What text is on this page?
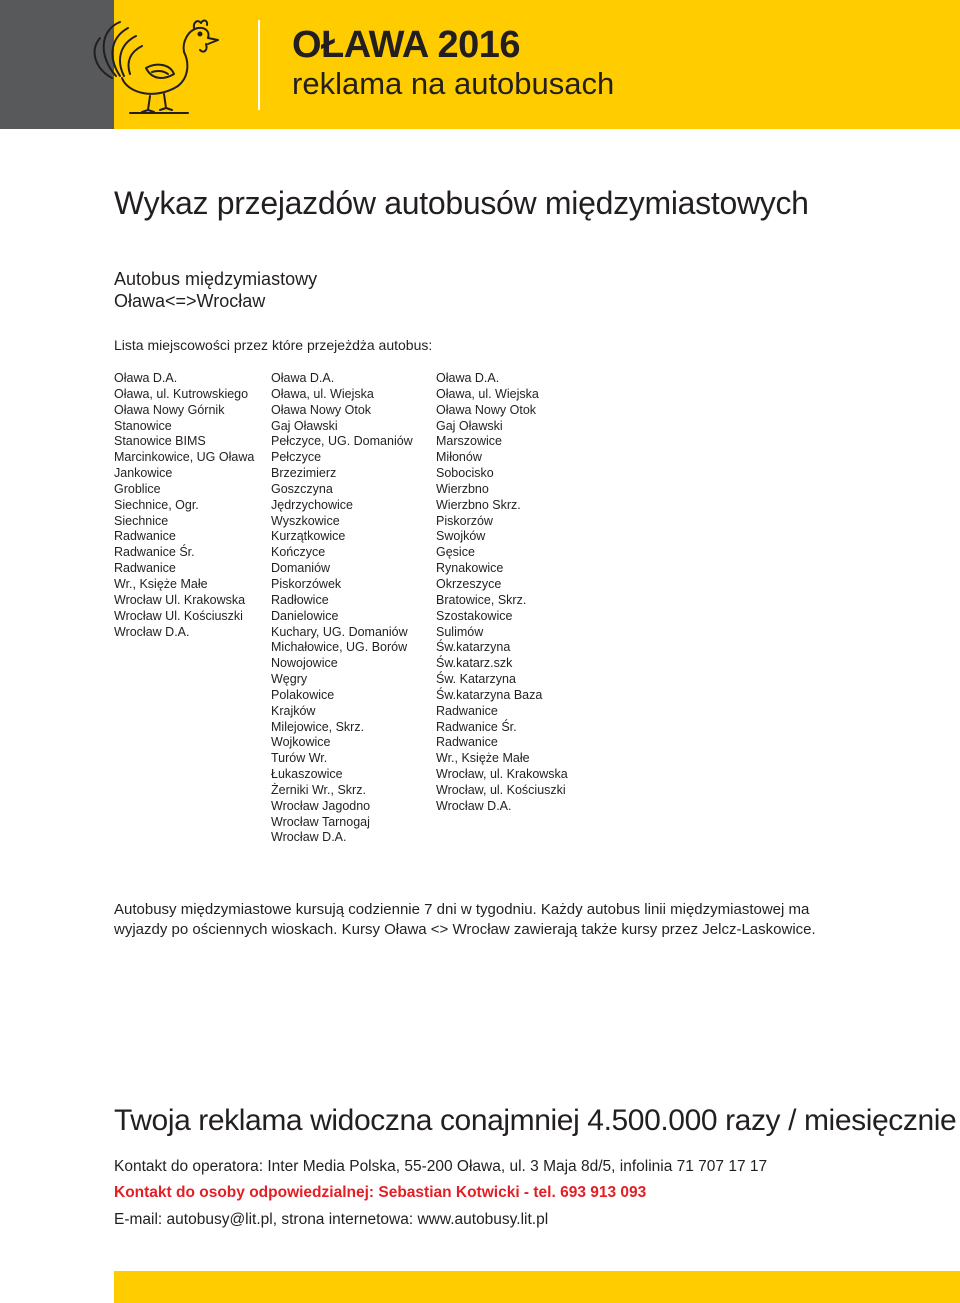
OŁAWA 2016
reklama na autobusach
Wykaz przejazdów autobusów międzymiastowych
Autobus międzymiastowy
Oława<=>Wrocław
Lista miejscowości przez które przejeżdża autobus:
Oława D.A.
Oława, ul. Kutrowskiego
Oława Nowy Górnik
Stanowice
Stanowice BIMS
Marcinkowice, UG Oława
Jankowice
Groblice
Siechnice, Ogr.
Siechnice
Radwanice
Radwanice Śr.
Radwanice
Wr., Księże Małe
Wrocław Ul. Krakowska
Wrocław Ul. Kościuszki
Wrocław D.A.
Oława D.A.
Oława, ul. Wiejska
Oława Nowy Otok
Gaj Oławski
Pełczyce, UG. Domaniów
Pełczyce
Brzezimierz
Goszczyna
Jędrzychowice
Wyszkowice
Kurzątkowice
Kończyce
Domaniów
Piskorzówek
Radłowice
Danielowice
Kuchary, UG. Domaniów
Michałowice, UG. Borów
Nowojowice
Węgry
Polakowice
Krajków
Milejowice, Skrz.
Wojkowice
Turów Wr.
Łukaszowice
Żerniki Wr., Skrz.
Wrocław Jagodno
Wrocław Tarnogaj
Wrocław D.A.
Oława D.A.
Oława, ul. Wiejska
Oława Nowy Otok
Gaj Oławski
Marszowice
Miłonów
Sobocisko
Wierzbno
Wierzbno Skrz.
Piskorzów
Swojków
Gęsice
Rynakowice
Okrzeszyce
Bratowice, Skrz.
Szostakowice
Sulimów
Św.katarzyna
Św.katarz.szk
Św. Katarzyna
Św.katarzyna Baza
Radwanice
Radwanice Śr.
Radwanice
Wr., Księże Małe
Wrocław, ul. Krakowska
Wrocław, ul. Kościuszki
Wrocław D.A.

Autobusy międzymiastowe kursują codziennie 7 dni w tygodniu. Każdy autobus linii międzymiastowej ma wyjazdy po ościennych wioskach. Kursy Oława <> Wrocław zawierają także kursy przez Jelcz-Laskowice.

Twoja reklama widoczna conajmniej 4.500.000 razy / miesięcznie
Kontakt do operatora: Inter Media Polska, 55-200 Oława, ul. 3 Maja 8d/5, infolinia 71 707 17 17
Kontakt do osoby odpowiedzialnej: Sebastian Kotwicki - tel. 693 913 093
E-mail: autobusy@lit.pl, strona internetowa: www.autobusy.lit.pl
